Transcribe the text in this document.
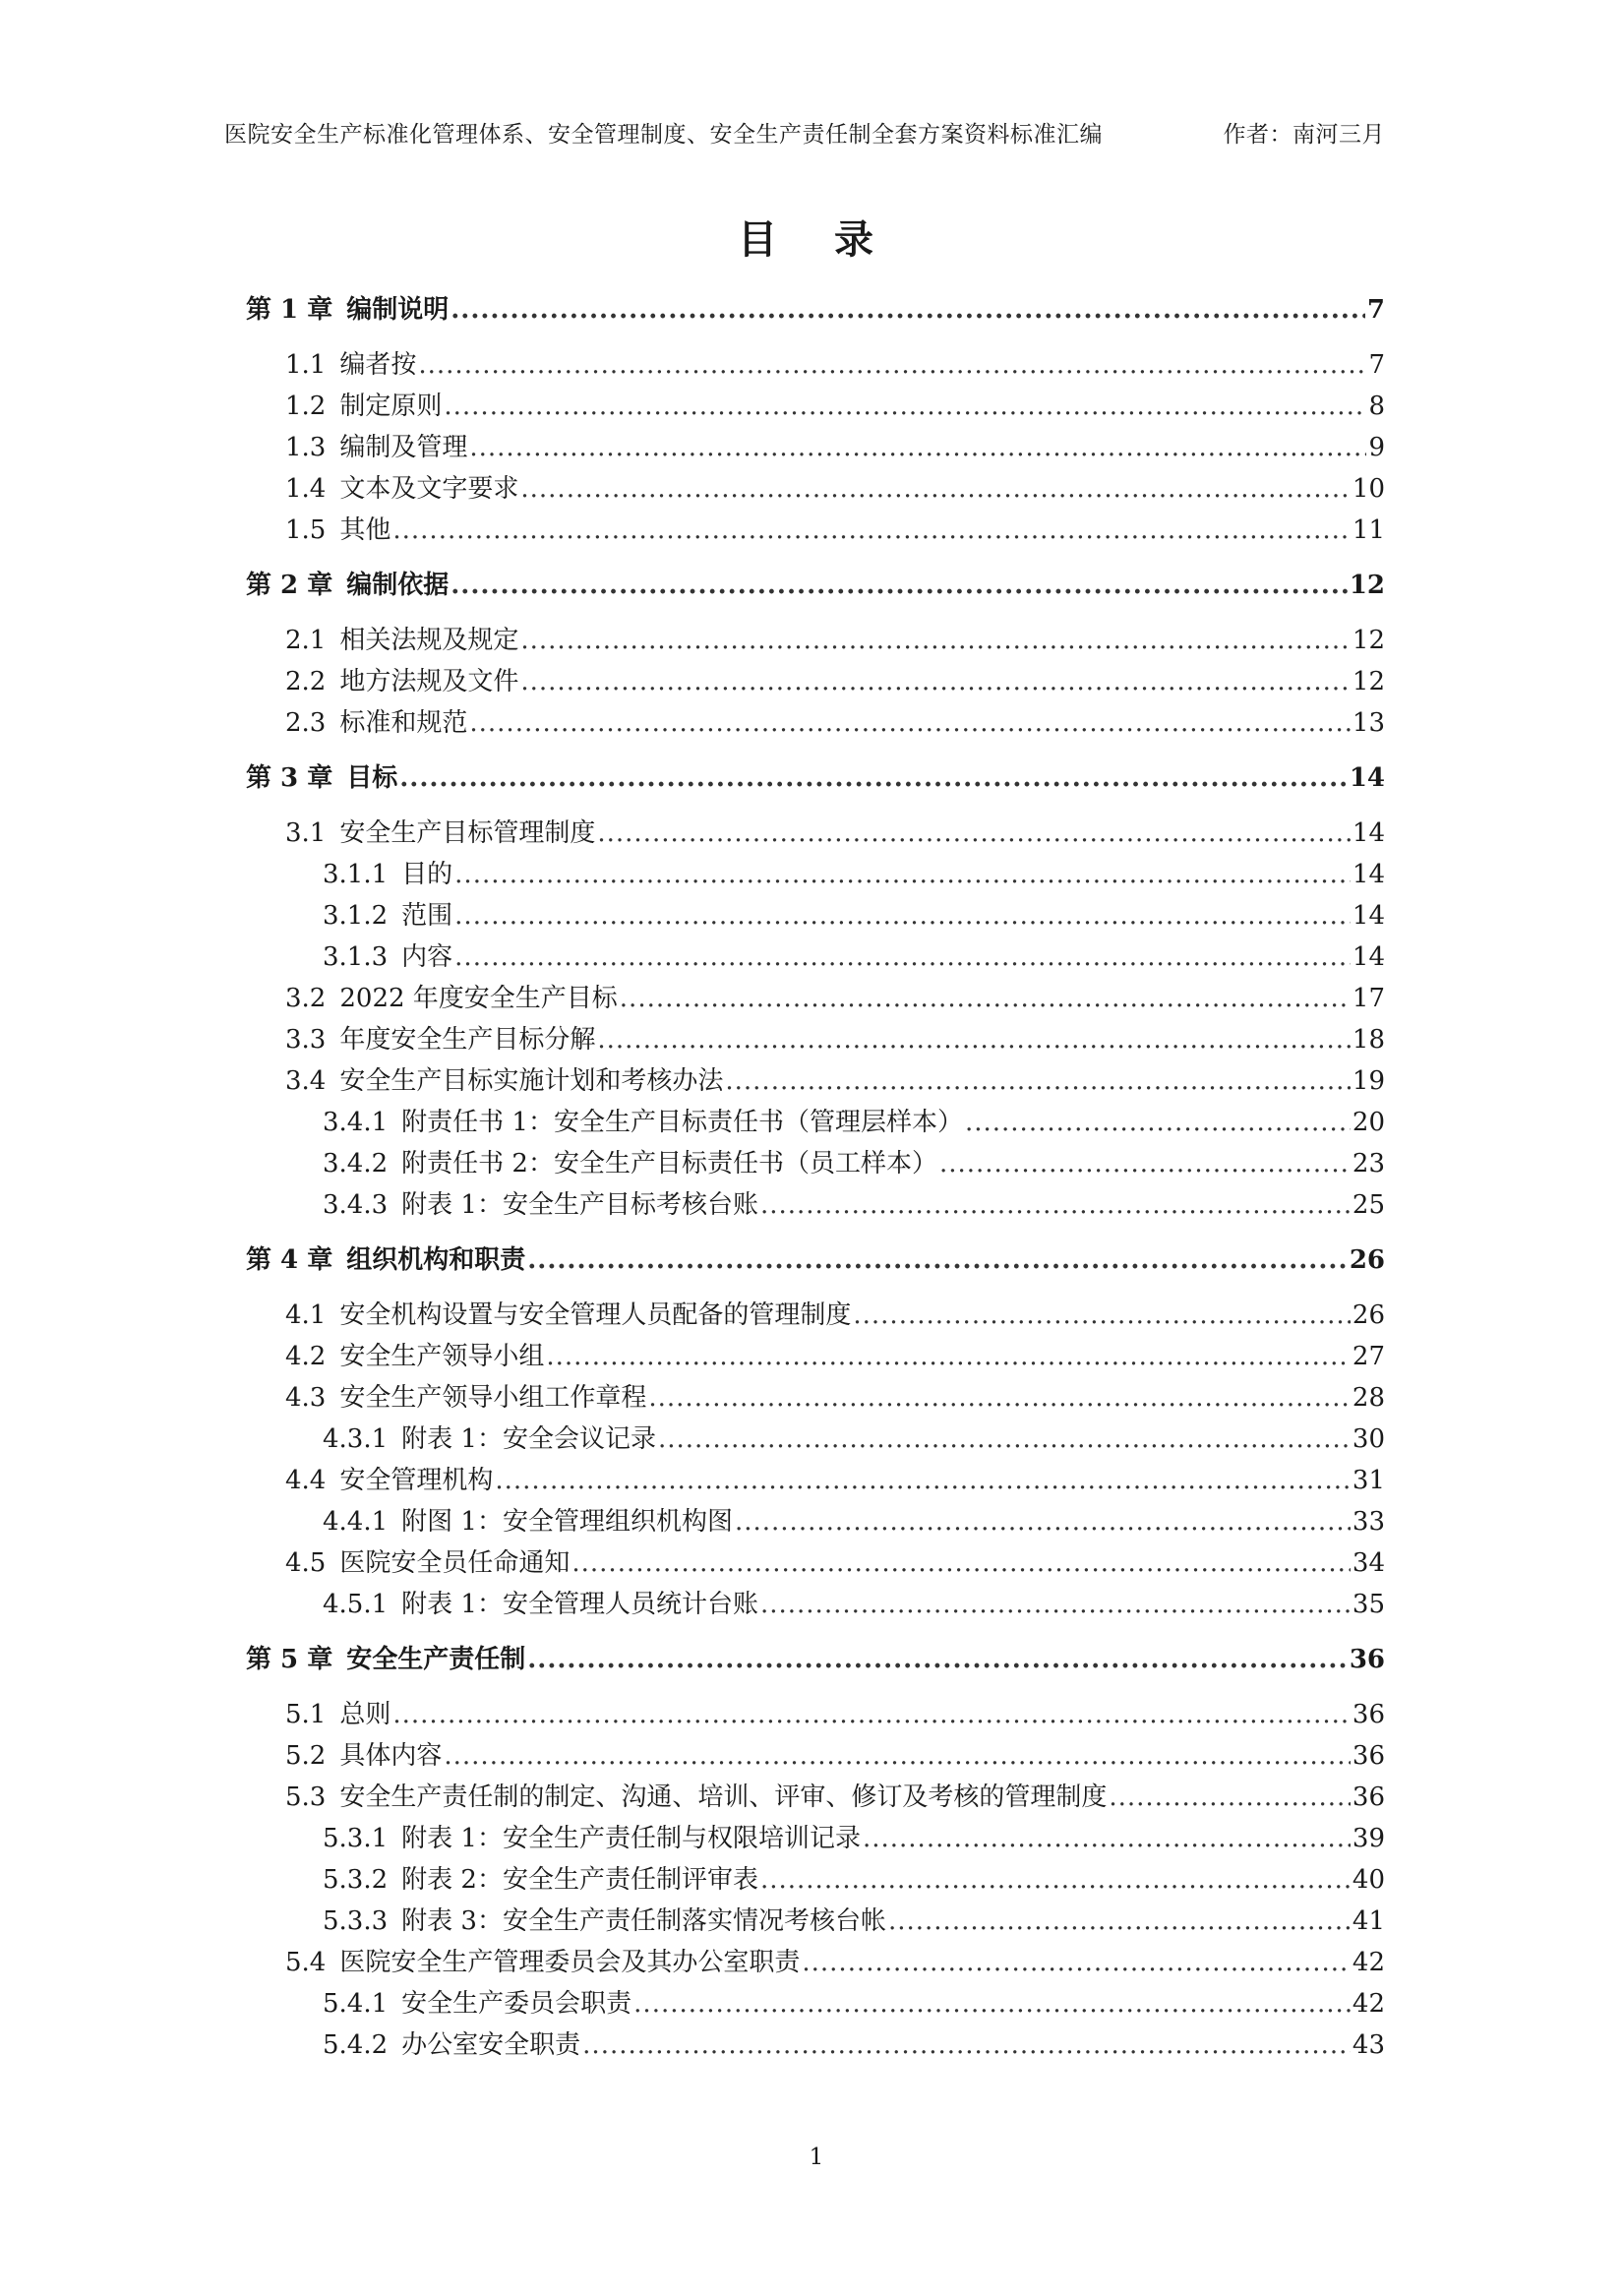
医院安全生产标准化管理体系、安全管理制度、安全生产责任制全套方案资料标准汇编	作者：南河三月
目 录
第 1 章 编制说明 .....	7
1.1 编者按 .....	7
1.2 制定原则 .....	8
1.3 编制及管理 .....	9
1.4 文本及文字要求 .....	10
1.5 其他 .....	11
第 2 章 编制依据 .....	12
2.1 相关法规及规定 .....	12
2.2 地方法规及文件 .....	12
2.3 标准和规范 .....	13
第 3 章 目标 .....	14
3.1 安全生产目标管理制度 .....	14
3.1.1 目的 .....	14
3.1.2 范围 .....	14
3.1.3 内容 .....	14
3.2 2022 年度安全生产目标 .....	17
3.3 年度安全生产目标分解 .....	18
3.4 安全生产目标实施计划和考核办法 .....	19
3.4.1 附责任书 1：安全生产目标责任书（管理层样本） .....	20
3.4.2 附责任书 2：安全生产目标责任书（员工样本） .....	23
3.4.3 附表 1：安全生产目标考核台账 .....	25
第 4 章 组织机构和职责 .....	26
4.1 安全机构设置与安全管理人员配备的管理制度 .....	26
4.2 安全生产领导小组 .....	27
4.3 安全生产领导小组工作章程 .....	28
4.3.1 附表 1：安全会议记录 .....	30
4.4 安全管理机构 .....	31
4.4.1 附图 1：安全管理组织机构图 .....	33
4.5 医院安全员任命通知 .....	34
4.5.1 附表 1：安全管理人员统计台账 .....	35
第 5 章 安全生产责任制 .....	36
5.1 总则 .....	36
5.2 具体内容 .....	36
5.3 安全生产责任制的制定、沟通、培训、评审、修订及考核的管理制度 .....	36
5.3.1 附表 1：安全生产责任制与权限培训记录 .....	39
5.3.2 附表 2：安全生产责任制评审表 .....	40
5.3.3 附表 3：安全生产责任制落实情况考核台帐 .....	41
5.4 医院安全生产管理委员会及其办公室职责 .....	42
5.4.1 安全生产委员会职责 .....	42
5.4.2 办公室安全职责 .....	43
1
